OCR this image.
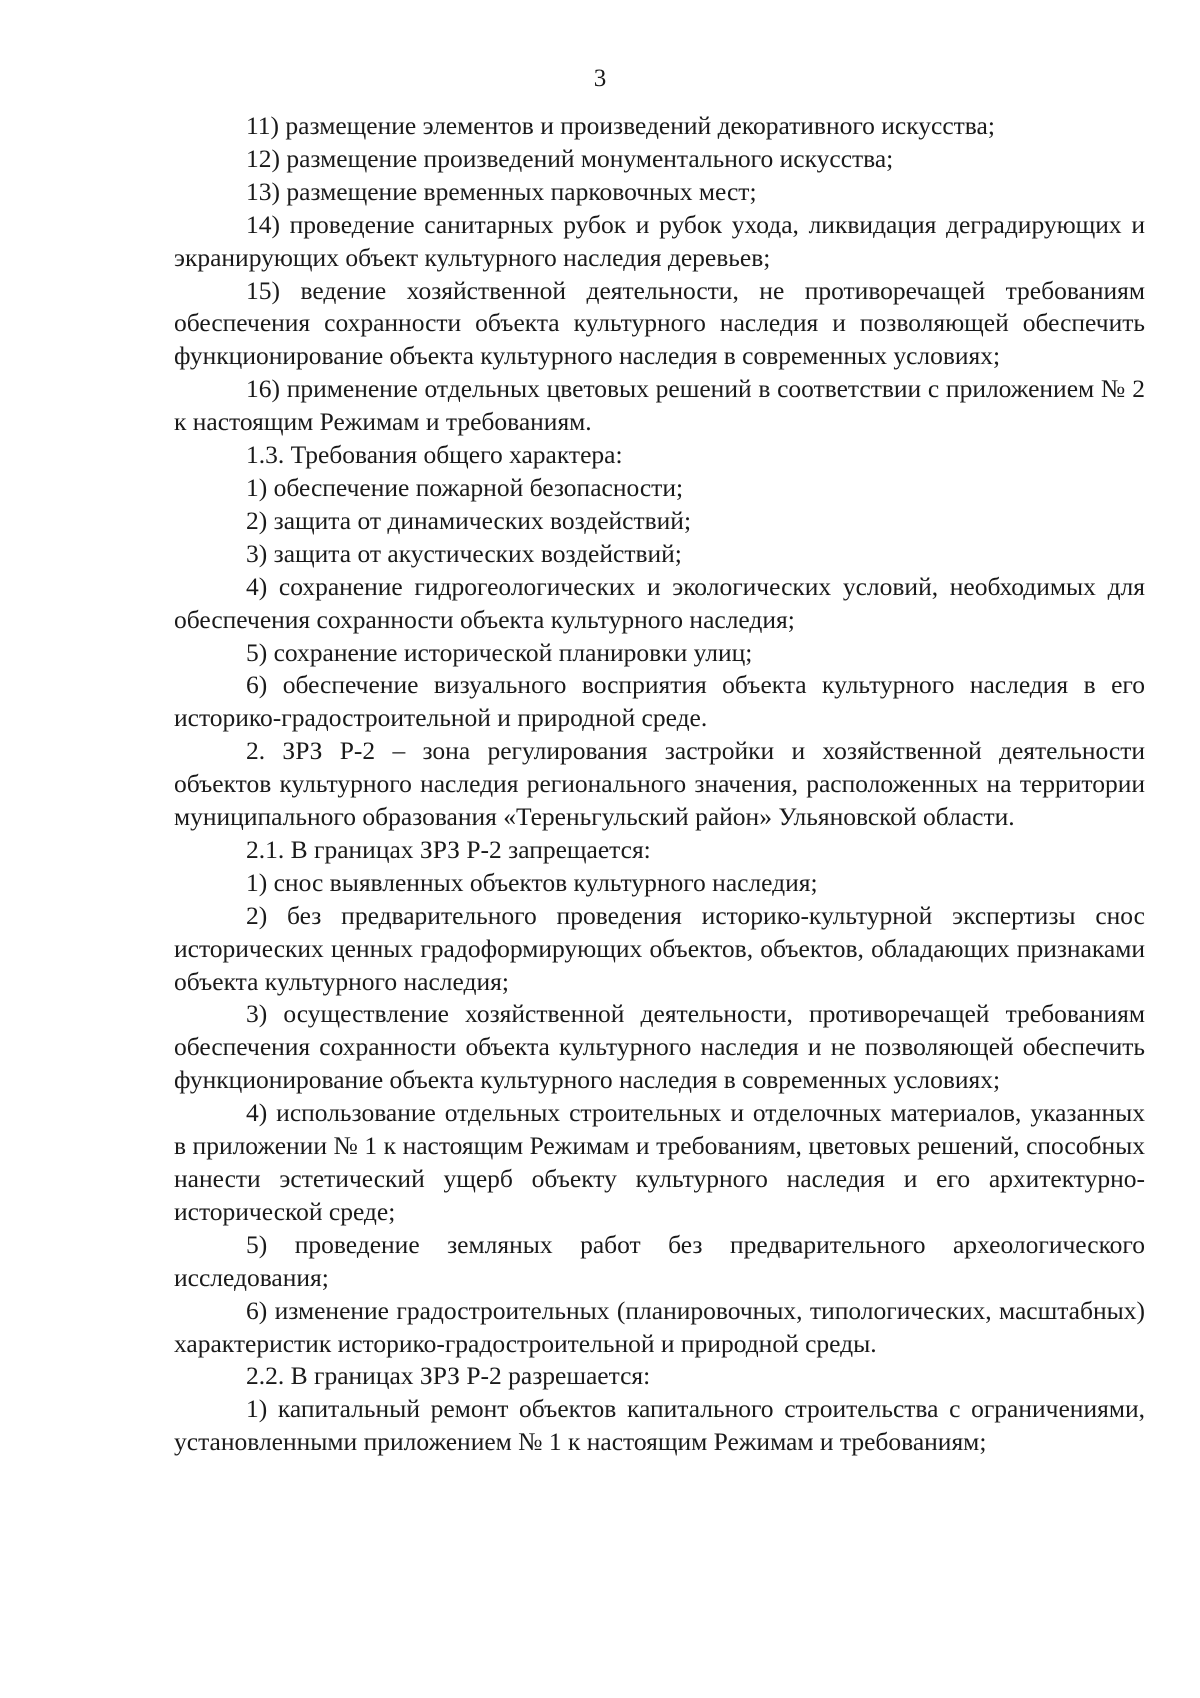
3

11) размещение элементов и произведений декоративного искусства;

12) размещение произведений монументального искусства;

13) размещение временных парковочных мест;

14) проведение санитарных рубок и рубок ухода, ликвидация деградирующих и экранирующих объект культурного наследия деревьев;

15) ведение хозяйственной деятельности, не противоречащей требованиям обеспечения сохранности объекта культурного наследия и позволяющей обеспечить функционирование объекта культурного наследия в современных условиях;

16) применение отдельных цветовых решений в соответствии с приложением № 2 к настоящим Режимам и требованиям.

1.3. Требования общего характера:

1) обеспечение пожарной безопасности;

2) защита от динамических воздействий;

3) защита от акустических воздействий;

4) сохранение гидрогеологических и экологических условий, необходимых для обеспечения сохранности объекта культурного наследия;

5) сохранение исторической планировки улиц;

6) обеспечение визуального восприятия объекта культурного наследия в его историко-градостроительной и природной среде.

2. ЗРЗ Р-2 – зона регулирования застройки и хозяйственной деятельности объектов культурного наследия регионального значения, расположенных на территории муниципального образования «Тереньгульский район» Ульяновской области.

2.1. В границах ЗРЗ Р-2 запрещается:

1) снос выявленных объектов культурного наследия;

2) без предварительного проведения историко-культурной экспертизы снос исторических ценных градоформирующих объектов, объектов, обладающих признаками объекта культурного наследия;

3) осуществление хозяйственной деятельности, противоречащей требованиям обеспечения сохранности объекта культурного наследия и не позволяющей обеспечить функционирование объекта культурного наследия в современных условиях;

4) использование отдельных строительных и отделочных материалов, указанных в приложении № 1 к настоящим Режимам и требованиям, цветовых решений, способных нанести эстетический ущерб объекту культурного наследия и его архитектурно-исторической среде;

5) проведение земляных работ без предварительного археологического исследования;

6) изменение градостроительных (планировочных, типологических, масштабных) характеристик историко-градостроительной и природной среды.

2.2. В границах ЗРЗ Р-2 разрешается:

1) капитальный ремонт объектов капитального строительства с ограничениями, установленными приложением № 1 к настоящим Режимам и требованиям;
